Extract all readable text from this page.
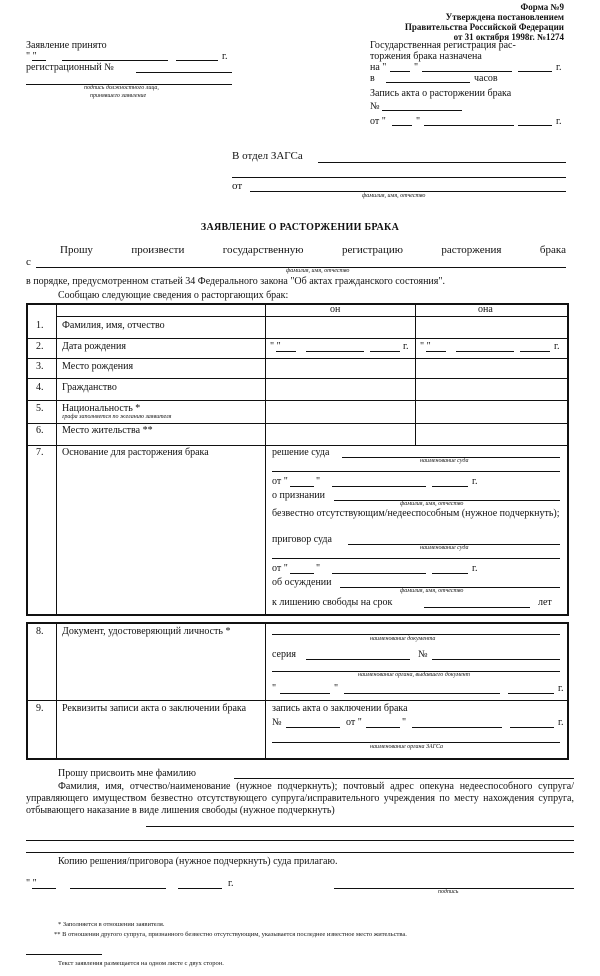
Форма №9
Утверждена постановлением
Правительства Российской Федерации
от 31 октября 1998г. №1274
Заявление принято
" "	г.
регистрационный №
подпись должностного лица,
принявшего заявление
Государственная регистрация рас-
торжения брака назначена
на "	"	г.
в	часов
Запись акта о расторжении брака
№
от "	"	г.
В отдел ЗАГСа
от
фамилия, имя, отчество
ЗАЯВЛЕНИЕ О РАСТОРЖЕНИИ БРАКА
Прошу	произвести	государственную	регистрацию	расторжения	брака
с
фамилия, имя, отчество
в порядке, предусмотренном статьей 34 Федерального закона "Об актах гражданского состояния".
Сообщаю следующие сведения о расторгающих брак:
он	она
1. Фамилия, имя, отчество
2. Дата рождения	" "	г. " "	г.
3. Место рождения
4. Гражданство
5. Национальность *
графа заполняется по желанию заявителя
6. Место жительства **
7. Основание для расторжения брака	решение суда
наименование суда
от "	"	г.
о признании
фамилия, имя, отчество
безвестно отсутствующим/недееспособным (нужное подчеркнуть);
приговор суда
наименование суда
от "	"	г.
об осуждении
фамилия, имя, отчество
к лишению свободы на срок	лет
8. Документ, удостоверяющий личность *
наименование документа
серия	№
наименование органа, выдавшего документ
"	"	г.
9. Реквизиты записи акта о заключении брака	запись акта о заключении брака
№	от "	"	г.
наименование органа ЗАГСа
Прошу присвоить мне фамилию
Фамилия, имя, отчество/наименование (нужное подчеркнуть); почтовый адрес опекуна недееспособного супруга/управляющего имуществом безвестно отсутствующего супруга/исправительного учреждения по месту нахождения супруга, отбывающего наказание в виде лишения свободы (нужное подчеркнуть)
Копию решения/приговора (нужное подчеркнуть) суда прилагаю.
" "	г.
подпись
* Заполняется в отношении заявителя.
** В отношении другого супруга, признанного безвестно отсутствующим, указывается последнее известное место жительства.
Текст заявления размещается на одном листе с двух сторон.
